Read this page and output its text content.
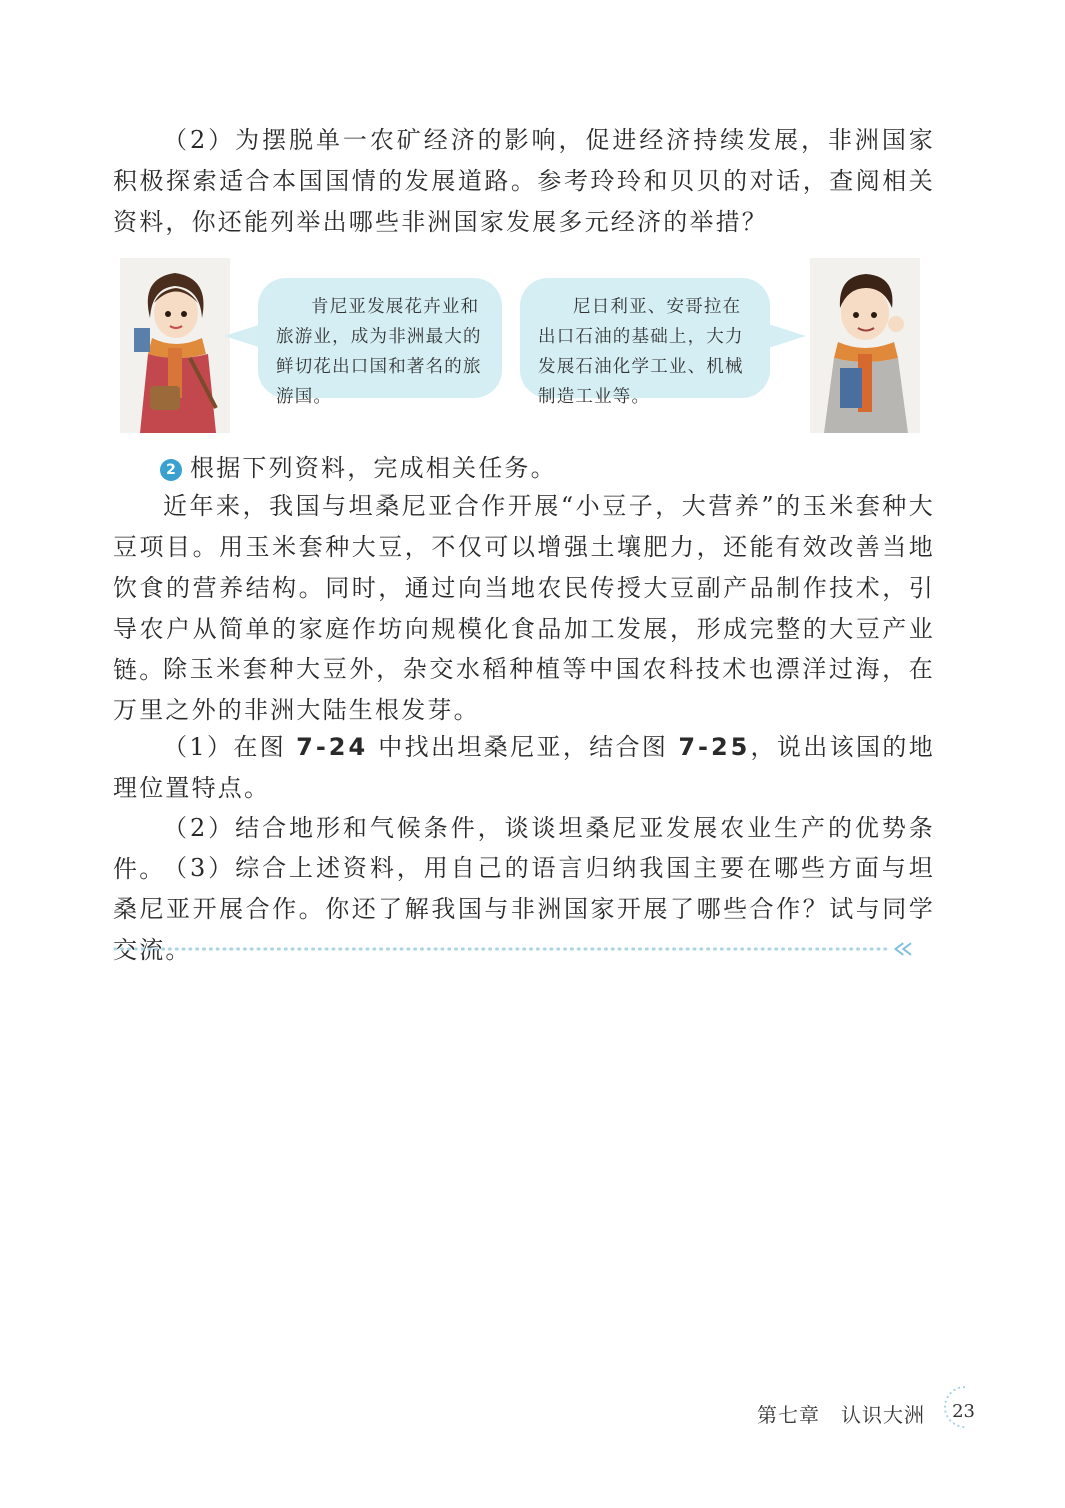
（2）为摆脱单一农矿经济的影响，促进经济持续发展，非洲国家积极探索适合本国国情的发展道路。参考玲玲和贝贝的对话，查阅相关资料，你还能列举出哪些非洲国家发展多元经济的举措？

肯尼亚发展花卉业和旅游业，成为非洲最大的鲜切花出口国和著名的旅游国。

尼日利亚、安哥拉在出口石油的基础上，大力发展石油化学工业、机械制造工业等。

2 根据下列资料，完成相关任务。

近年来，我国与坦桑尼亚合作开展“小豆子，大营养”的玉米套种大豆项目。用玉米套种大豆，不仅可以增强土壤肥力，还能有效改善当地饮食的营养结构。同时，通过向当地农民传授大豆副产品制作技术，引导农户从简单的家庭作坊向规模化食品加工发展，形成完整的大豆产业链。

除玉米套种大豆外，杂交水稻种植等中国农科技术也漂洋过海，在万里之外的非洲大陆生根发芽。

（1）在图 7-24 中找出坦桑尼亚，结合图 7-25，说出该国的地理位置特点。

（2）结合地形和气候条件，谈谈坦桑尼亚发展农业生产的优势条件。

（3）综合上述资料，用自己的语言归纳我国主要在哪些方面与坦桑尼亚开展合作。你还了解我国与非洲国家开展了哪些合作？试与同学交流。

第七章　认识大洲 23
